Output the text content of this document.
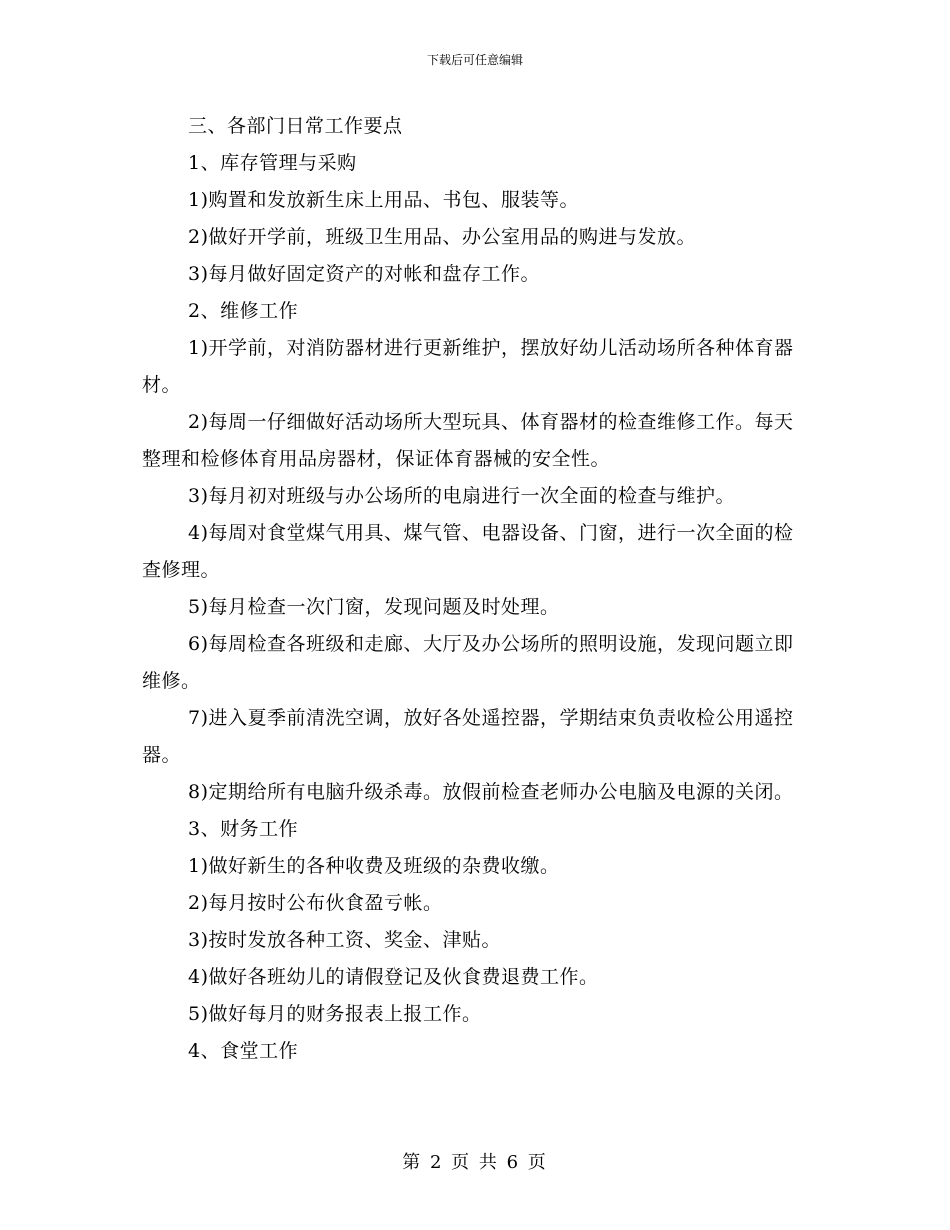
下载后可任意编辑

三、各部门日常工作要点

1、库存管理与采购

1)购置和发放新生床上用品、书包、服装等。

2)做好开学前，班级卫生用品、办公室用品的购进与发放。

3)每月做好固定资产的对帐和盘存工作。

2、维修工作

1)开学前，对消防器材进行更新维护，摆放好幼儿活动场所各种体育器材。

2)每周一仔细做好活动场所大型玩具、体育器材的检查维修工作。每天整理和检修体育用品房器材，保证体育器械的安全性。

3)每月初对班级与办公场所的电扇进行一次全面的检查与维护。

4)每周对食堂煤气用具、煤气管、电器设备、门窗，进行一次全面的检查修理。

5)每月检查一次门窗，发现问题及时处理。

6)每周检查各班级和走廊、大厅及办公场所的照明设施，发现问题立即维修。

7)进入夏季前清洗空调，放好各处遥控器，学期结束负责收检公用遥控器。

8)定期给所有电脑升级杀毒。放假前检查老师办公电脑及电源的关闭。

3、财务工作

1)做好新生的各种收费及班级的杂费收缴。

2)每月按时公布伙食盈亏帐。

3)按时发放各种工资、奖金、津贴。

4)做好各班幼儿的请假登记及伙食费退费工作。

5)做好每月的财务报表上报工作。

4、食堂工作

第 2 页 共 6 页
